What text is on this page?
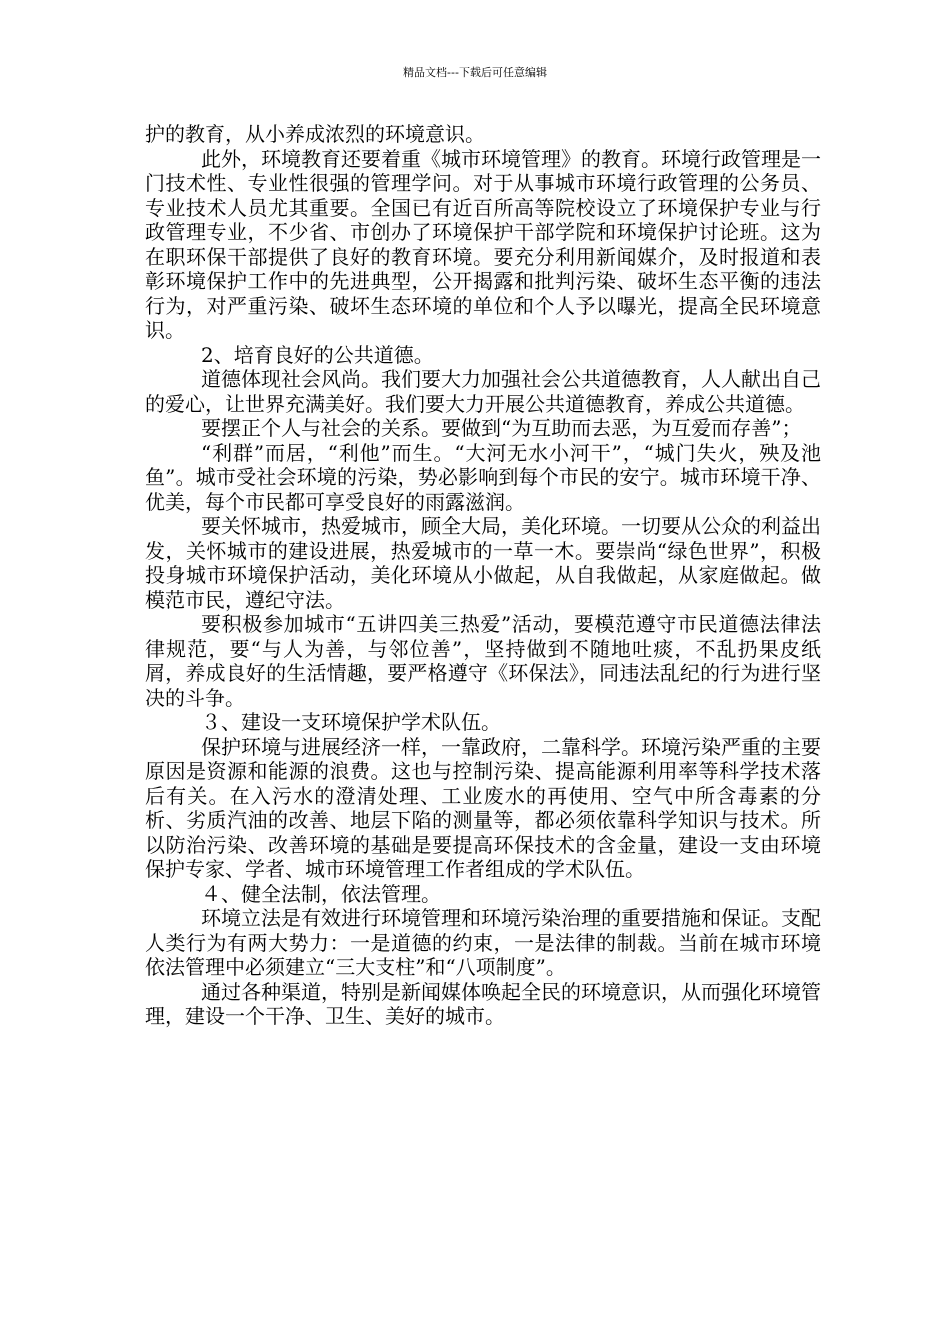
精品文档---下载后可任意编辑

护的教育，从小养成浓烈的环境意识。

此外，环境教育还要着重《城市环境管理》的教育。环境行政管理是一门技术性、专业性很强的管理学问。对于从事城市环境行政管理的公务员、专业技术人员尤其重要。全国已有近百所高等院校设立了环境保护专业与行政管理专业，不少省、市创办了环境保护干部学院和环境保护讨论班。这为在职环保干部提供了良好的教育环境。要充分利用新闻媒介，及时报道和表彰环境保护工作中的先进典型，公开揭露和批判污染、破坏生态平衡的违法行为，对严重污染、破坏生态环境的单位和个人予以曝光，提高全民环境意识。

2、培育良好的公共道德。

道德体现社会风尚。我们要大力加强社会公共道德教育，人人献出自己的爱心，让世界充满美好。我们要大力开展公共道德教育，养成公共道德。

要摆正个人与社会的关系。要做到“为互助而去恶，为互爱而存善”；

“利群”而居，“利他”而生。“大河无水小河干”，“城门失火，殃及池鱼”。城市受社会环境的污染，势必影响到每个市民的安宁。城市环境干净、优美，每个市民都可享受良好的雨露滋润。

要关怀城市，热爱城市，顾全大局，美化环境。一切要从公众的利益出发，关怀城市的建设进展，热爱城市的一草一木。要崇尚“绿色世界”，积极投身城市环境保护活动，美化环境从小做起，从自我做起，从家庭做起。做模范市民，遵纪守法。

要积极参加城市“五讲四美三热爱”活动，要模范遵守市民道德法律法律规范，要“与人为善，与邻位善”，坚持做到不随地吐痰，不乱扔果皮纸屑，养成良好的生活情趣，要严格遵守《环保法》，同违法乱纪的行为进行坚决的斗争。

３、建设一支环境保护学术队伍。

保护环境与进展经济一样，一靠政府，二靠科学。环境污染严重的主要原因是资源和能源的浪费。这也与控制污染、提高能源利用率等科学技术落后有关。在入污水的澄清处理、工业废水的再使用、空气中所含毒素的分析、劣质汽油的改善、地层下陷的测量等，都必须依靠科学知识与技术。所以防治污染、改善环境的基础是要提高环保技术的含金量，建设一支由环境保护专家、学者、城市环境管理工作者组成的学术队伍。

４、健全法制，依法管理。

环境立法是有效进行环境管理和环境污染治理的重要措施和保证。支配人类行为有两大势力：一是道德的约束，一是法律的制裁。当前在城市环境依法管理中必须建立“三大支柱”和“八项制度”。

通过各种渠道，特别是新闻媒体唤起全民的环境意识，从而强化环境管理，建设一个干净、卫生、美好的城市。
